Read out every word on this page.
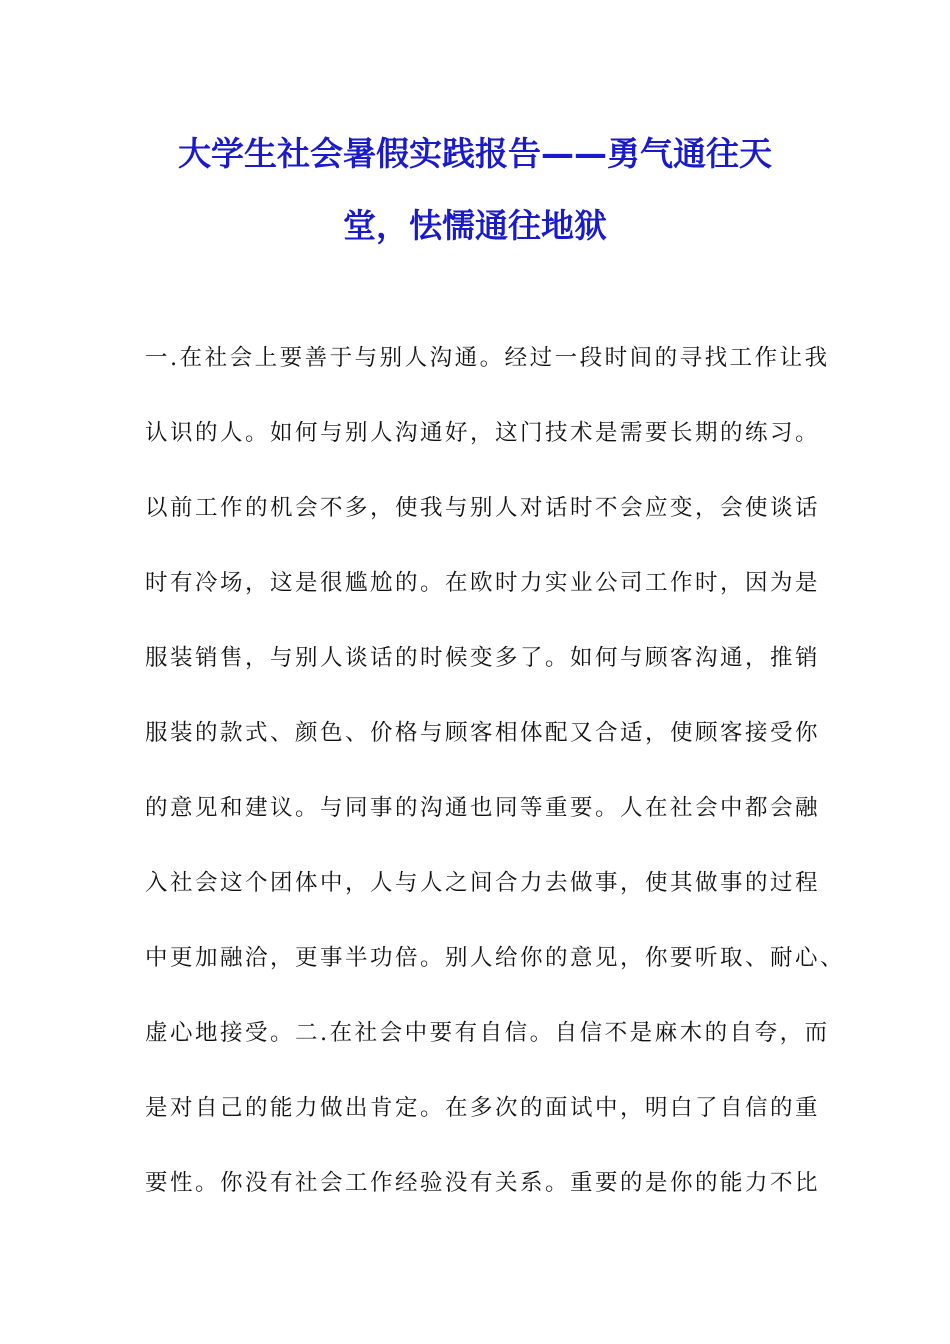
大学生社会暑假实践报告——勇气通往天
堂，怯懦通往地狱
一.在社会上要善于与别人沟通。经过一段时间的寻找工作让我
认识的人。如何与别人沟通好，这门技术是需要长期的练习。
以前工作的机会不多，使我与别人对话时不会应变，会使谈话
时有冷场，这是很尴尬的。在欧时力实业公司工作时，因为是
服装销售，与别人谈话的时候变多了。如何与顾客沟通，推销
服装的款式、颜色、价格与顾客相体配又合适，使顾客接受你
的意见和建议。与同事的沟通也同等重要。人在社会中都会融
入社会这个团体中，人与人之间合力去做事，使其做事的过程
中更加融洽，更事半功倍。别人给你的意见，你要听取、耐心、
虚心地接受。二.在社会中要有自信。自信不是麻木的自夸，而
是对自己的能力做出肯定。在多次的面试中，明白了自信的重
要性。你没有社会工作经验没有关系。重要的是你的能力不比
